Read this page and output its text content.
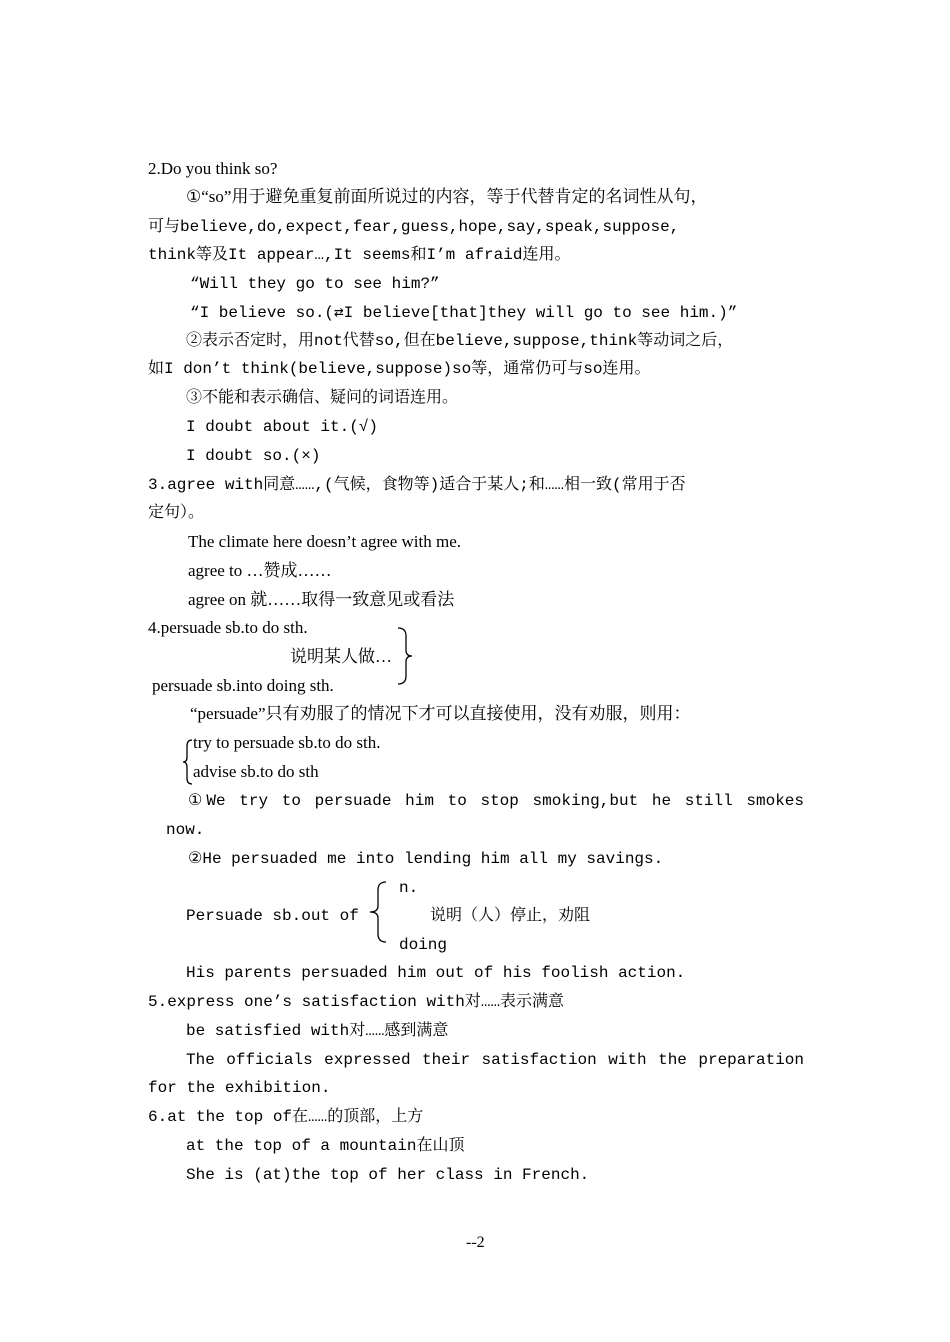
2.Do you think so?
①“so”用于避免重复前面所说过的内容，等于代替肯定的名词性从句，
可与believe,do,expect,fear,guess,hope,say,speak,suppose,
think等及It appear…,It seems和I’m afraid连用。
“Will they go to see him?”
“I believe so.(⇄I believe[that]they will go to see him.)”
②表示否定时，用not代替so,但在believe,suppose,think等动词之后，
如I don’t think(believe,suppose)so等，通常仍可与so连用。
③不能和表示确信、疑问的词语连用。
I doubt about it.(√)
I doubt so.(×)
3.agree with同意……,(气候，食物等)适合于某人;和……相一致(常用于否
定句）。
The climate here doesn’t agree with me.
agree to …赞成……
agree on 就……取得一致意见或看法
4.persuade sb.to do sth.
说明某人做…
persuade sb.into doing sth.
“persuade”只有劝服了的情况下才可以直接使用，没有劝服，则用：
try to persuade sb.to do sth.
advise sb.to do sth
①We try to persuade him to stop smoking,but he still smokes
now.
②He persuaded me into lending him all my savings.
n.
Persuade sb.out of	说明（人）停止，劝阻
doing
His parents persuaded him out of his foolish action.
5.express one’s satisfaction with对……表示满意
be satisfied with对……感到满意
The officials expressed their satisfaction with the preparation
for the exhibition.
6.at the top of在……的顶部，上方
at the top of a mountain在山顶
She is (at)the top of her class in French.
--2
